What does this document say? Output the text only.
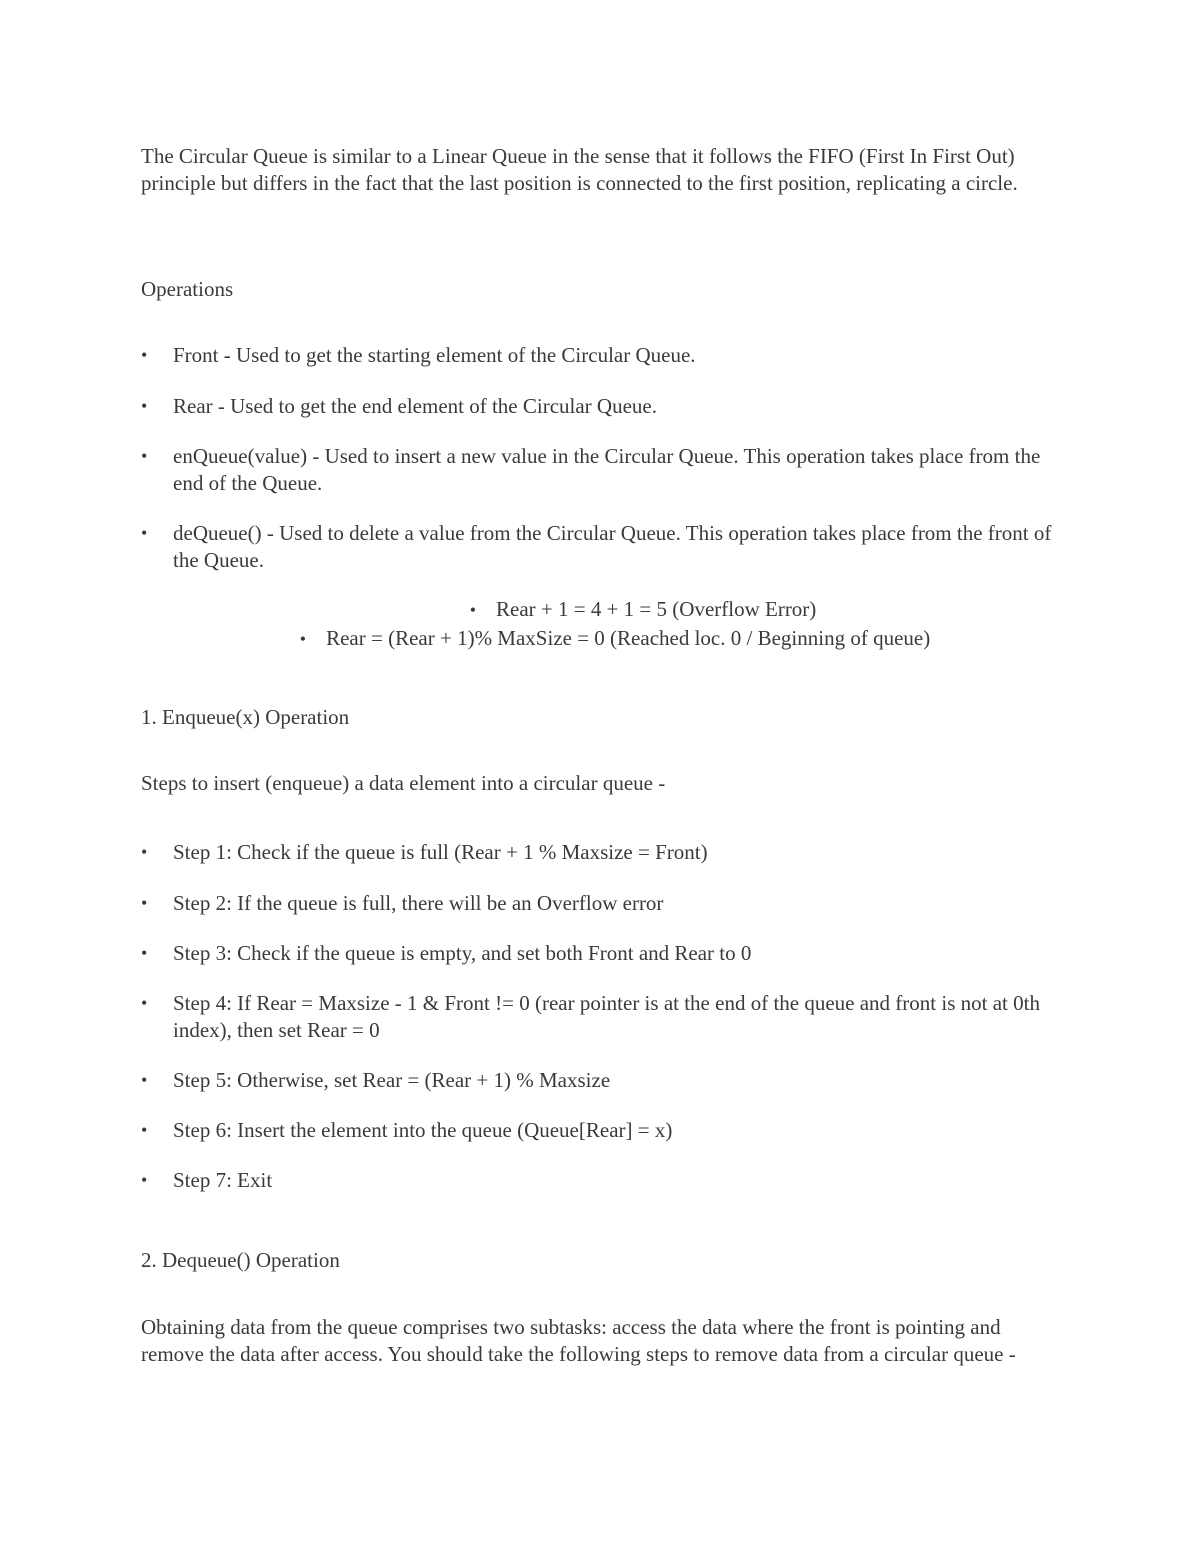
The Circular Queue is similar to a Linear Queue in the sense that it follows the FIFO (First In First Out) principle but differs in the fact that the last position is connected to the first position, replicating a circle.

Operations

•	Front - Used to get the starting element of the Circular Queue.
•	Rear - Used to get the end element of the Circular Queue.
•	enQueue(value) - Used to insert a new value in the Circular Queue. This operation takes place from the end of the Queue.
•	deQueue() - Used to delete a value from the Circular Queue. This operation takes place from the front of the Queue.
• Rear + 1 = 4 + 1 = 5 (Overflow Error)
• Rear = (Rear + 1)% MaxSize = 0 (Reached loc. 0 / Beginning of queue)

1. Enqueue(x) Operation

Steps to insert (enqueue) a data element into a circular queue -

•	Step 1: Check if the queue is full (Rear + 1 % Maxsize = Front)
•	Step 2: If the queue is full, there will be an Overflow error
•	Step 3: Check if the queue is empty, and set both Front and Rear to 0
•	Step 4: If Rear = Maxsize - 1 & Front != 0 (rear pointer is at the end of the queue and front is not at 0th index), then set Rear = 0
•	Step 5: Otherwise, set Rear = (Rear + 1) % Maxsize
•	Step 6: Insert the element into the queue (Queue[Rear] = x)
•	Step 7: Exit

2. Dequeue() Operation

Obtaining data from the queue comprises two subtasks: access the data where the front is pointing and remove the data after access. You should take the following steps to remove data from a circular queue -
